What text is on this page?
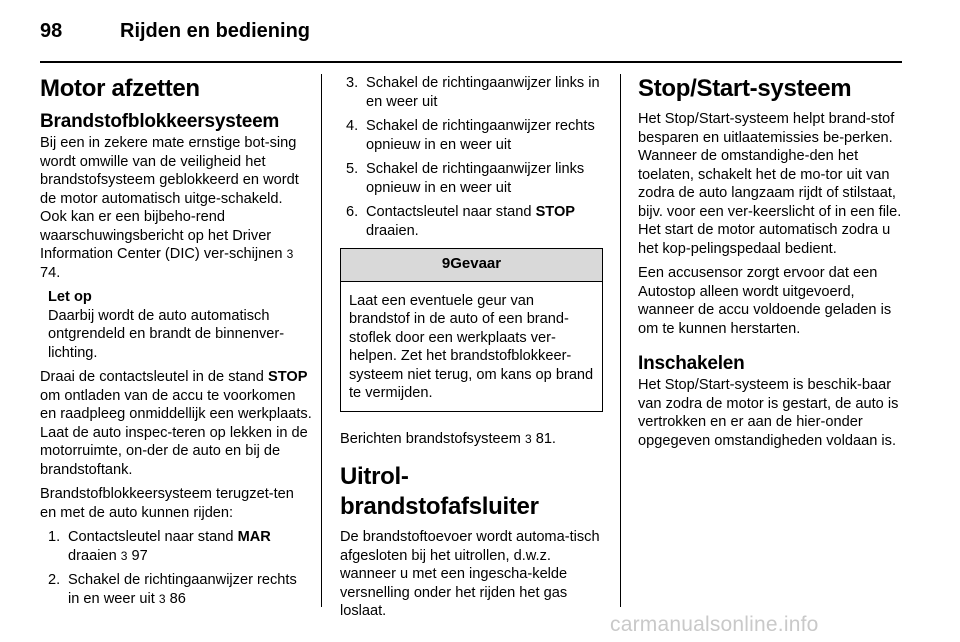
98	Rijden en bediening
Motor afzetten
Brandstofblokkeersysteem

Bij een in zekere mate ernstige bot-sing wordt omwille van de veiligheid het brandstofsysteem geblokkeerd en wordt de motor automatisch uitge-schakeld. Ook kan er een bijbeho-rend waarschuwingsbericht op het Driver Information Center (DIC) ver-schijnen 3 74.

Let op
Daarbij wordt de auto automatisch ontgrendeld en brandt de binnenver-lichting.

Draai de contactsleutel in de stand STOP om ontladen van de accu te voorkomen en raadpleeg onmiddellijk een werkplaats. Laat de auto inspec-teren op lekken in de motorruimte, on-der de auto en bij de brandstoftank.

Brandstofblokkeersysteem terugzet-ten en met de auto kunnen rijden:

1. Contactsleutel naar stand MAR draaien 3 97
2. Schakel de richtingaanwijzer rechts in en weer uit 3 86
3. Schakel de richtingaanwijzer links in en weer uit
4. Schakel de richtingaanwijzer rechts opnieuw in en weer uit
5. Schakel de richtingaanwijzer links opnieuw in en weer uit
6. Contactsleutel naar stand STOP draaien.
9Gevaar
Laat een eventuele geur van brandstof in de auto of een brand-stoflek door een werkplaats ver-helpen. Zet het brandstofblokkeer-systeem niet terug, om kans op brand te vermijden.

Berichten brandstofsysteem 3 81.

Uitrol-brandstofafsluiter

De brandstoftoevoer wordt automa-tisch afgesloten bij het uitrollen, d.w.z. wanneer u met een ingescha-kelde versnelling onder het rijden het gas loslaat.

Stop/Start-systeem

Het Stop/Start-systeem helpt brand-stof besparen en uitlaatemissies be-perken. Wanneer de omstandighe-den het toelaten, schakelt het de mo-tor uit van zodra de auto langzaam rijdt of stilstaat, bijv. voor een ver-keerslicht of in een file. Het start de motor automatisch zodra u het kop-pelingspedaal bedient.

Een accusensor zorgt ervoor dat een Autostop alleen wordt uitgevoerd, wanneer de accu voldoende geladen is om te kunnen herstarten.

Inschakelen

Het Stop/Start-systeem is beschik-baar van zodra de motor is gestart, de auto is vertrokken en er aan de hier-onder opgegeven omstandigheden voldaan is.

carmanualsonline.info
